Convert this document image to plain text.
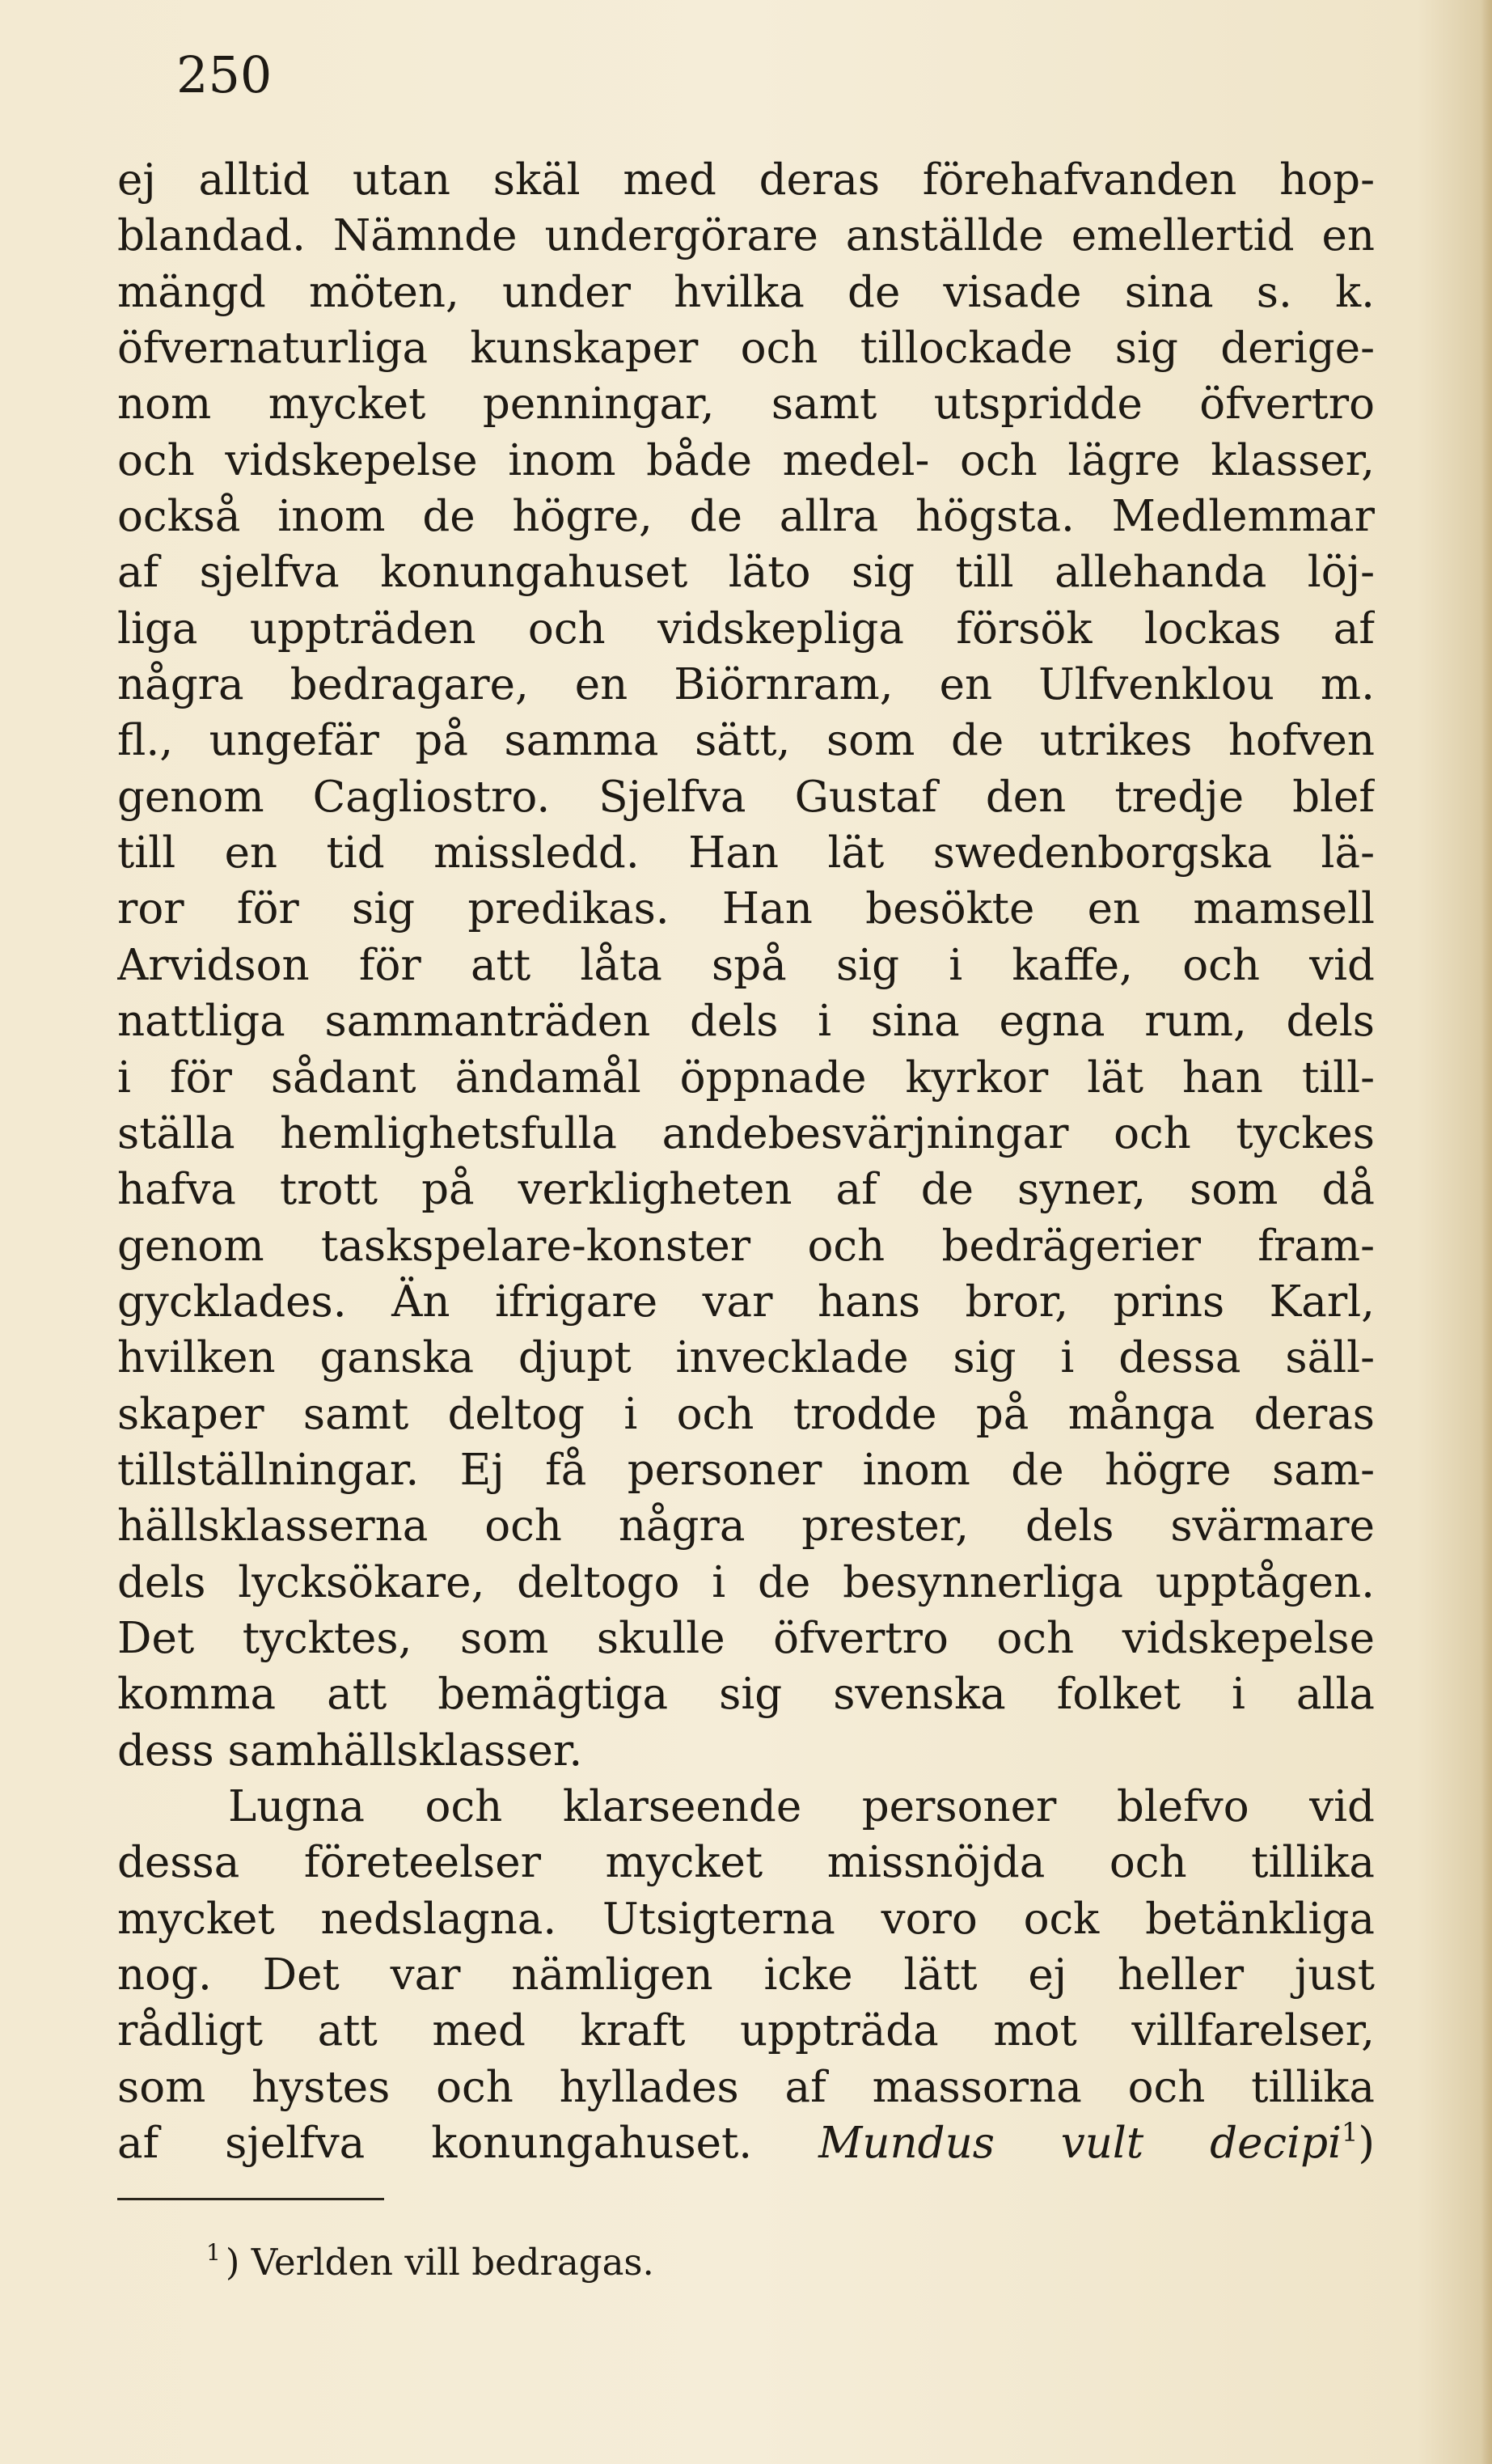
250
ej alltid utan skäl med deras förehafvanden hop-
blandad. Nämnde undergörare anställde emellertid en
mängd möten, under hvilka de visade sina s. k.
öfvernaturliga kunskaper och tillockade sig derige-
nom mycket penningar, samt utspridde öfvertro
och vidskepelse inom både medel- och lägre klasser,
också inom de högre, de allra högsta. Medlemmar
af sjelfva konungahuset läto sig till allehanda löj-
liga uppträden och vidskepliga försök lockas af
några bedragare, en Biörnram, en Ulfvenklou m.
fl., ungefär på samma sätt, som de utrikes hofven
genom Cagliostro. Sjelfva Gustaf den tredje blef
till en tid missledd. Han lät swedenborgska lä-
ror för sig predikas. Han besökte en mamsell
Arvidson för att låta spå sig i kaffe, och vid
nattliga sammanträden dels i sina egna rum, dels
i för sådant ändamål öppnade kyrkor lät han till-
ställa hemlighetsfulla andebesvärjningar och tyckes
hafva trott på verkligheten af de syner, som då
genom taskspelare-konster och bedrägerier fram-
gycklades. Än ifrigare var hans bror, prins Karl,
hvilken ganska djupt invecklade sig i dessa säll-
skaper samt deltog i och trodde på många deras
tillställningar. Ej få personer inom de högre sam-
hällsklasserna och några prester, dels svärmare
dels lycksökare, deltogo i de besynnerliga upptågen.
Det tycktes, som skulle öfvertro och vidskepelse
komma att bemägtiga sig svenska folket i alla
dess samhällsklasser.
Lugna och klarseende personer blefvo vid
dessa företeelser mycket missnöjda och tillika
mycket nedslagna. Utsigterna voro ock betänkliga
nog. Det var nämligen icke lätt ej heller just
rådligt att med kraft uppträda mot villfarelser,
som hystes och hyllades af massorna och tillika
af sjelfva konungahuset. Mundus vult decipi$^1$)
$^1$ ) Verlden vill bedragas.
